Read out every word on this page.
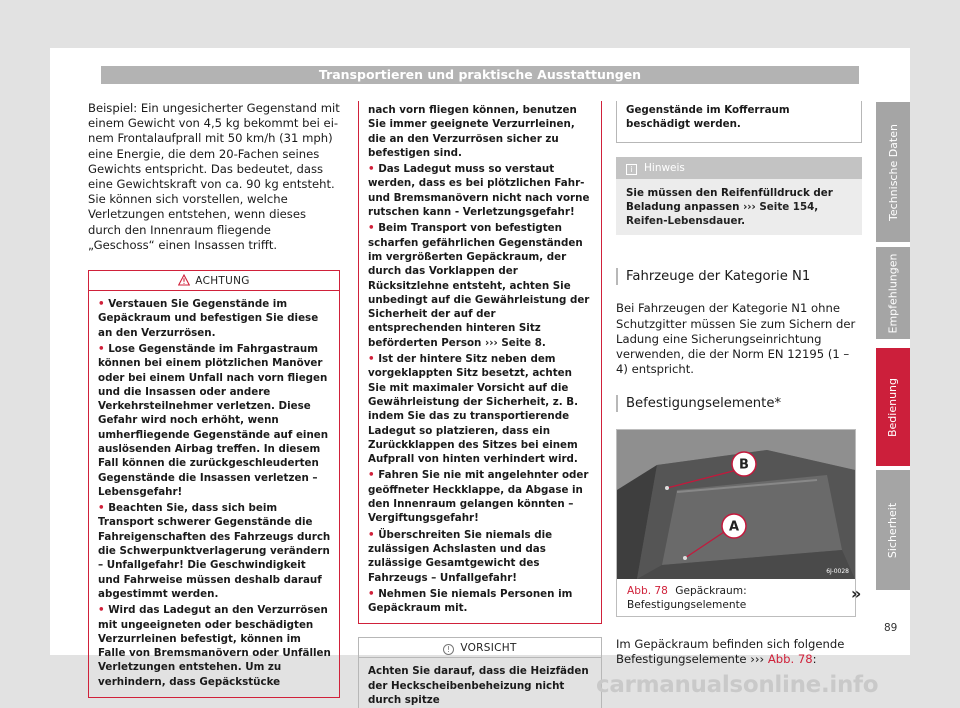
Transportieren und praktische Ausstattungen

Beispiel: Ein ungesicherter Gegenstand mit einem Gewicht von 4,5 kg bekommt bei einem Frontalaufprall mit 50 km/h (31 mph) eine Energie, die dem 20-Fachen seines Gewichts entspricht. Das bedeutet, dass eine Gewichtskraft von ca. 90 kg entsteht. Sie können sich vorstellen, welche Verletzungen entstehen, wenn dieses durch den Innenraum fliegende „Geschoss“ einen Insassen trifft.

ACHTUNG
• Verstauen Sie Gegenstände im Gepäckraum und befestigen Sie diese an den Verzurrösen.
• Lose Gegenstände im Fahrgastraum können bei einem plötzlichen Manöver oder bei einem Unfall nach vorn fliegen und die Insassen oder andere Verkehrsteilnehmer verletzen. Diese Gefahr wird noch erhöht, wenn umherfliegende Gegenstände auf einen auslösenden Airbag treffen. In diesem Fall können die zurückgeschleuderten Gegenstände die Insassen verletzen – Lebensgefahr!
• Beachten Sie, dass sich beim Transport schwerer Gegenstände die Fahreigenschaften des Fahrzeugs durch die Schwerpunktverlagerung verändern – Unfallgefahr! Die Geschwindigkeit und Fahrweise müssen deshalb darauf abgestimmt werden.
• Wird das Ladegut an den Verzurrösen mit ungeeigneten oder beschädigten Verzurrleinen befestigt, können im Falle von Bremsmanövern oder Unfällen Verletzungen entstehen. Um zu verhindern, dass Gepäckstücke
nach vorn fliegen können, benutzen Sie immer geeignete Verzurrleinen, die an den Verzurrösen sicher zu befestigen sind.
• Das Ladegut muss so verstaut werden, dass es bei plötzlichen Fahr- und Bremsmanövern nicht nach vorne rutschen kann - Verletzungsgefahr!
• Beim Transport von befestigten scharfen gefährlichen Gegenständen im vergrößerten Gepäckraum, der durch das Vorklappen der Rücksitzlehne entsteht, achten Sie unbedingt auf die Gewährleistung der Sicherheit der auf der entsprechenden hinteren Sitz beförderten Person ››› Seite 8.
• Ist der hintere Sitz neben dem vorgeklappten Sitz besetzt, achten Sie mit maximaler Vorsicht auf die Gewährleistung der Sicherheit, z. B. indem Sie das zu transportierende Ladegut so platzieren, dass ein Zurückklappen des Sitzes bei einem Aufprall von hinten verhindert wird.
• Fahren Sie nie mit angelehnter oder geöffneter Heckklappe, da Abgase in den Innenraum gelangen könnten – Vergiftungsgefahr!
• Überschreiten Sie niemals die zulässigen Achslasten und das zulässige Gesamtgewicht des Fahrzeugs – Unfallgefahr!
• Nehmen Sie niemals Personen im Gepäckraum mit.
! VORSICHT
Achten Sie darauf, dass die Heizfäden der Heckscheibenbeheizung nicht durch spitze
Gegenstände im Kofferraum beschädigt werden.
i Hinweis
Sie müssen den Reifenfülldruck der Beladung anpassen ››› Seite 154, Reifen-Lebensdauer.
Fahrzeuge der Kategorie N1

Bei Fahrzeugen der Kategorie N1 ohne Schutzgitter müssen Sie zum Sichern der Ladung eine Sicherungseinrichtung verwenden, die der Norm EN 12195 (1 – 4) entspricht.

Befestigungselemente*
B
A
6J-0028
Abb. 78 Gepäckraum: Befestigungselemente

Im Gepäckraum befinden sich folgende Befestigungselemente ››› Abb. 78:

»
Technische Daten
Empfehlungen
Bedienung
Sicherheit
89
carmanualsonline.info
